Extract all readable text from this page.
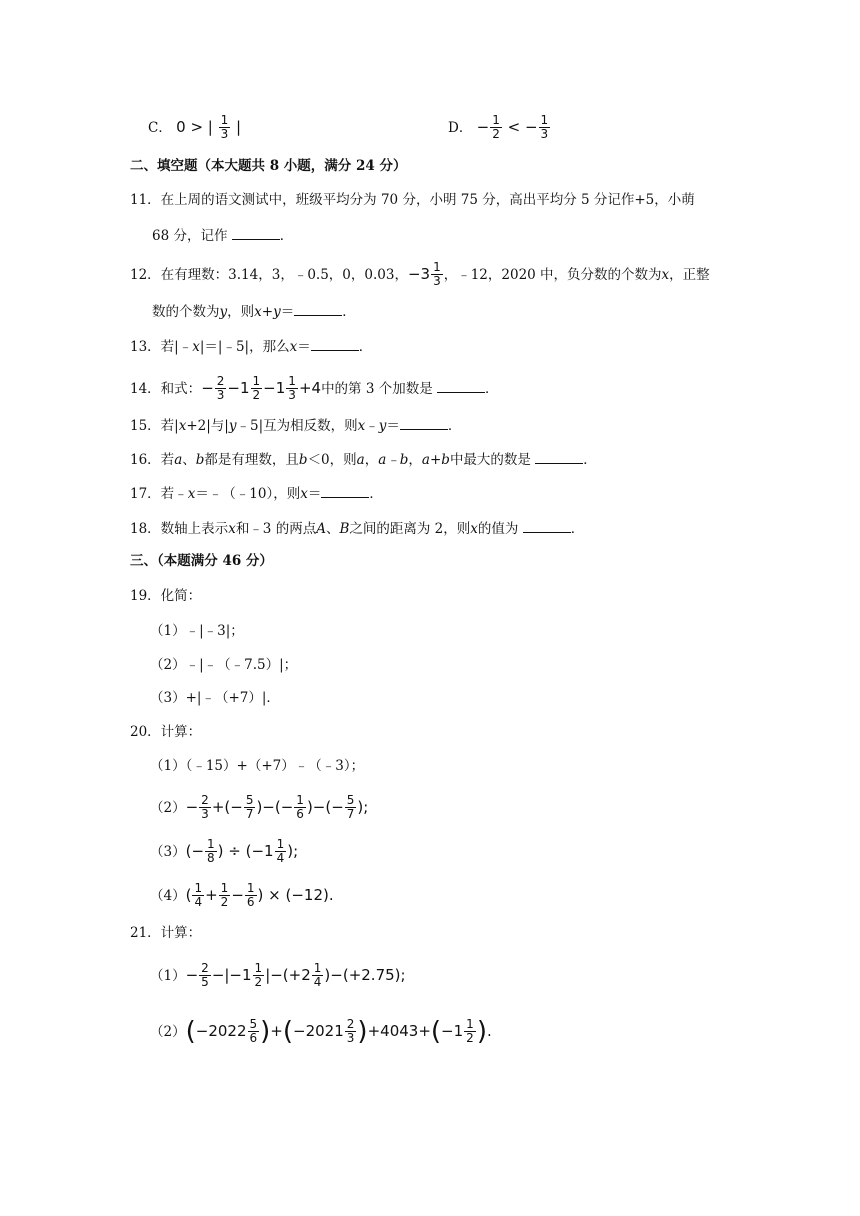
C． 0 > | $\frac{1}{3}$ |	D． − $\frac{1}{2}$ < − $\frac{1}{3}$
二、填空题（本大题共 8 小题，满分 24 分）
11．在上周的语文测试中，班级平均分为 70 分，小明 75 分，高出平均分 5 分记作+5，小萌
68 分，记作	．
12．在有理数：3.14，3，﹣0.5，0，0.03，$-3 \frac{1}{3}$ ，﹣12，2020 中，负分数的个数为x，正整
数的个数为y，则x+y＝	．
13．若|﹣x|＝|﹣5|，那么x＝	．
14．和式：− $\frac{2}{3} -1 \frac{1}{2} -1 \frac{1}{3} +4$中的第 3 个加数是	．
15．若|x+2|与|y﹣5|互为相反数，则x﹣y＝	．
16．若a、b都是有理数，且b＜0，则a，a﹣b，a+b中最大的数是	．
17．若﹣x＝﹣（﹣10），则x＝	．
18．数轴上表示x和﹣3 的两点A、B之间的距离为 2，则x的值为	．
三、（本题满分 46 分）
19．化简：
（1）﹣|﹣3|；
（2）﹣|﹣（﹣7.5）|；
（3）+|﹣（+7）|．
20．计算：
（1）（﹣15）+（+7）﹣（﹣3）；
$(2)- \frac{2}{3}$ +(− $\frac{5}{7}$ )−(− $\frac{1}{6}$ )−(− $\frac{5}{7}$ );
$(3)(- \frac{1}{8}$ ) ÷ ($-1 \frac{1}{4}$ );
$(4)( \frac{1}{4} + \frac{1}{2} - \frac{1}{6}$ ) × (−12).
21．计算：
$(1)- \frac{2}{5} -|-1 \frac{1}{2} |-(+2 \frac{1}{4} )-(+2.75)$;
$(2)(-2022 \frac{5}{6} )+(-2021 \frac{2}{3} )+4043+(-1 \frac{1}{2}$ ).
